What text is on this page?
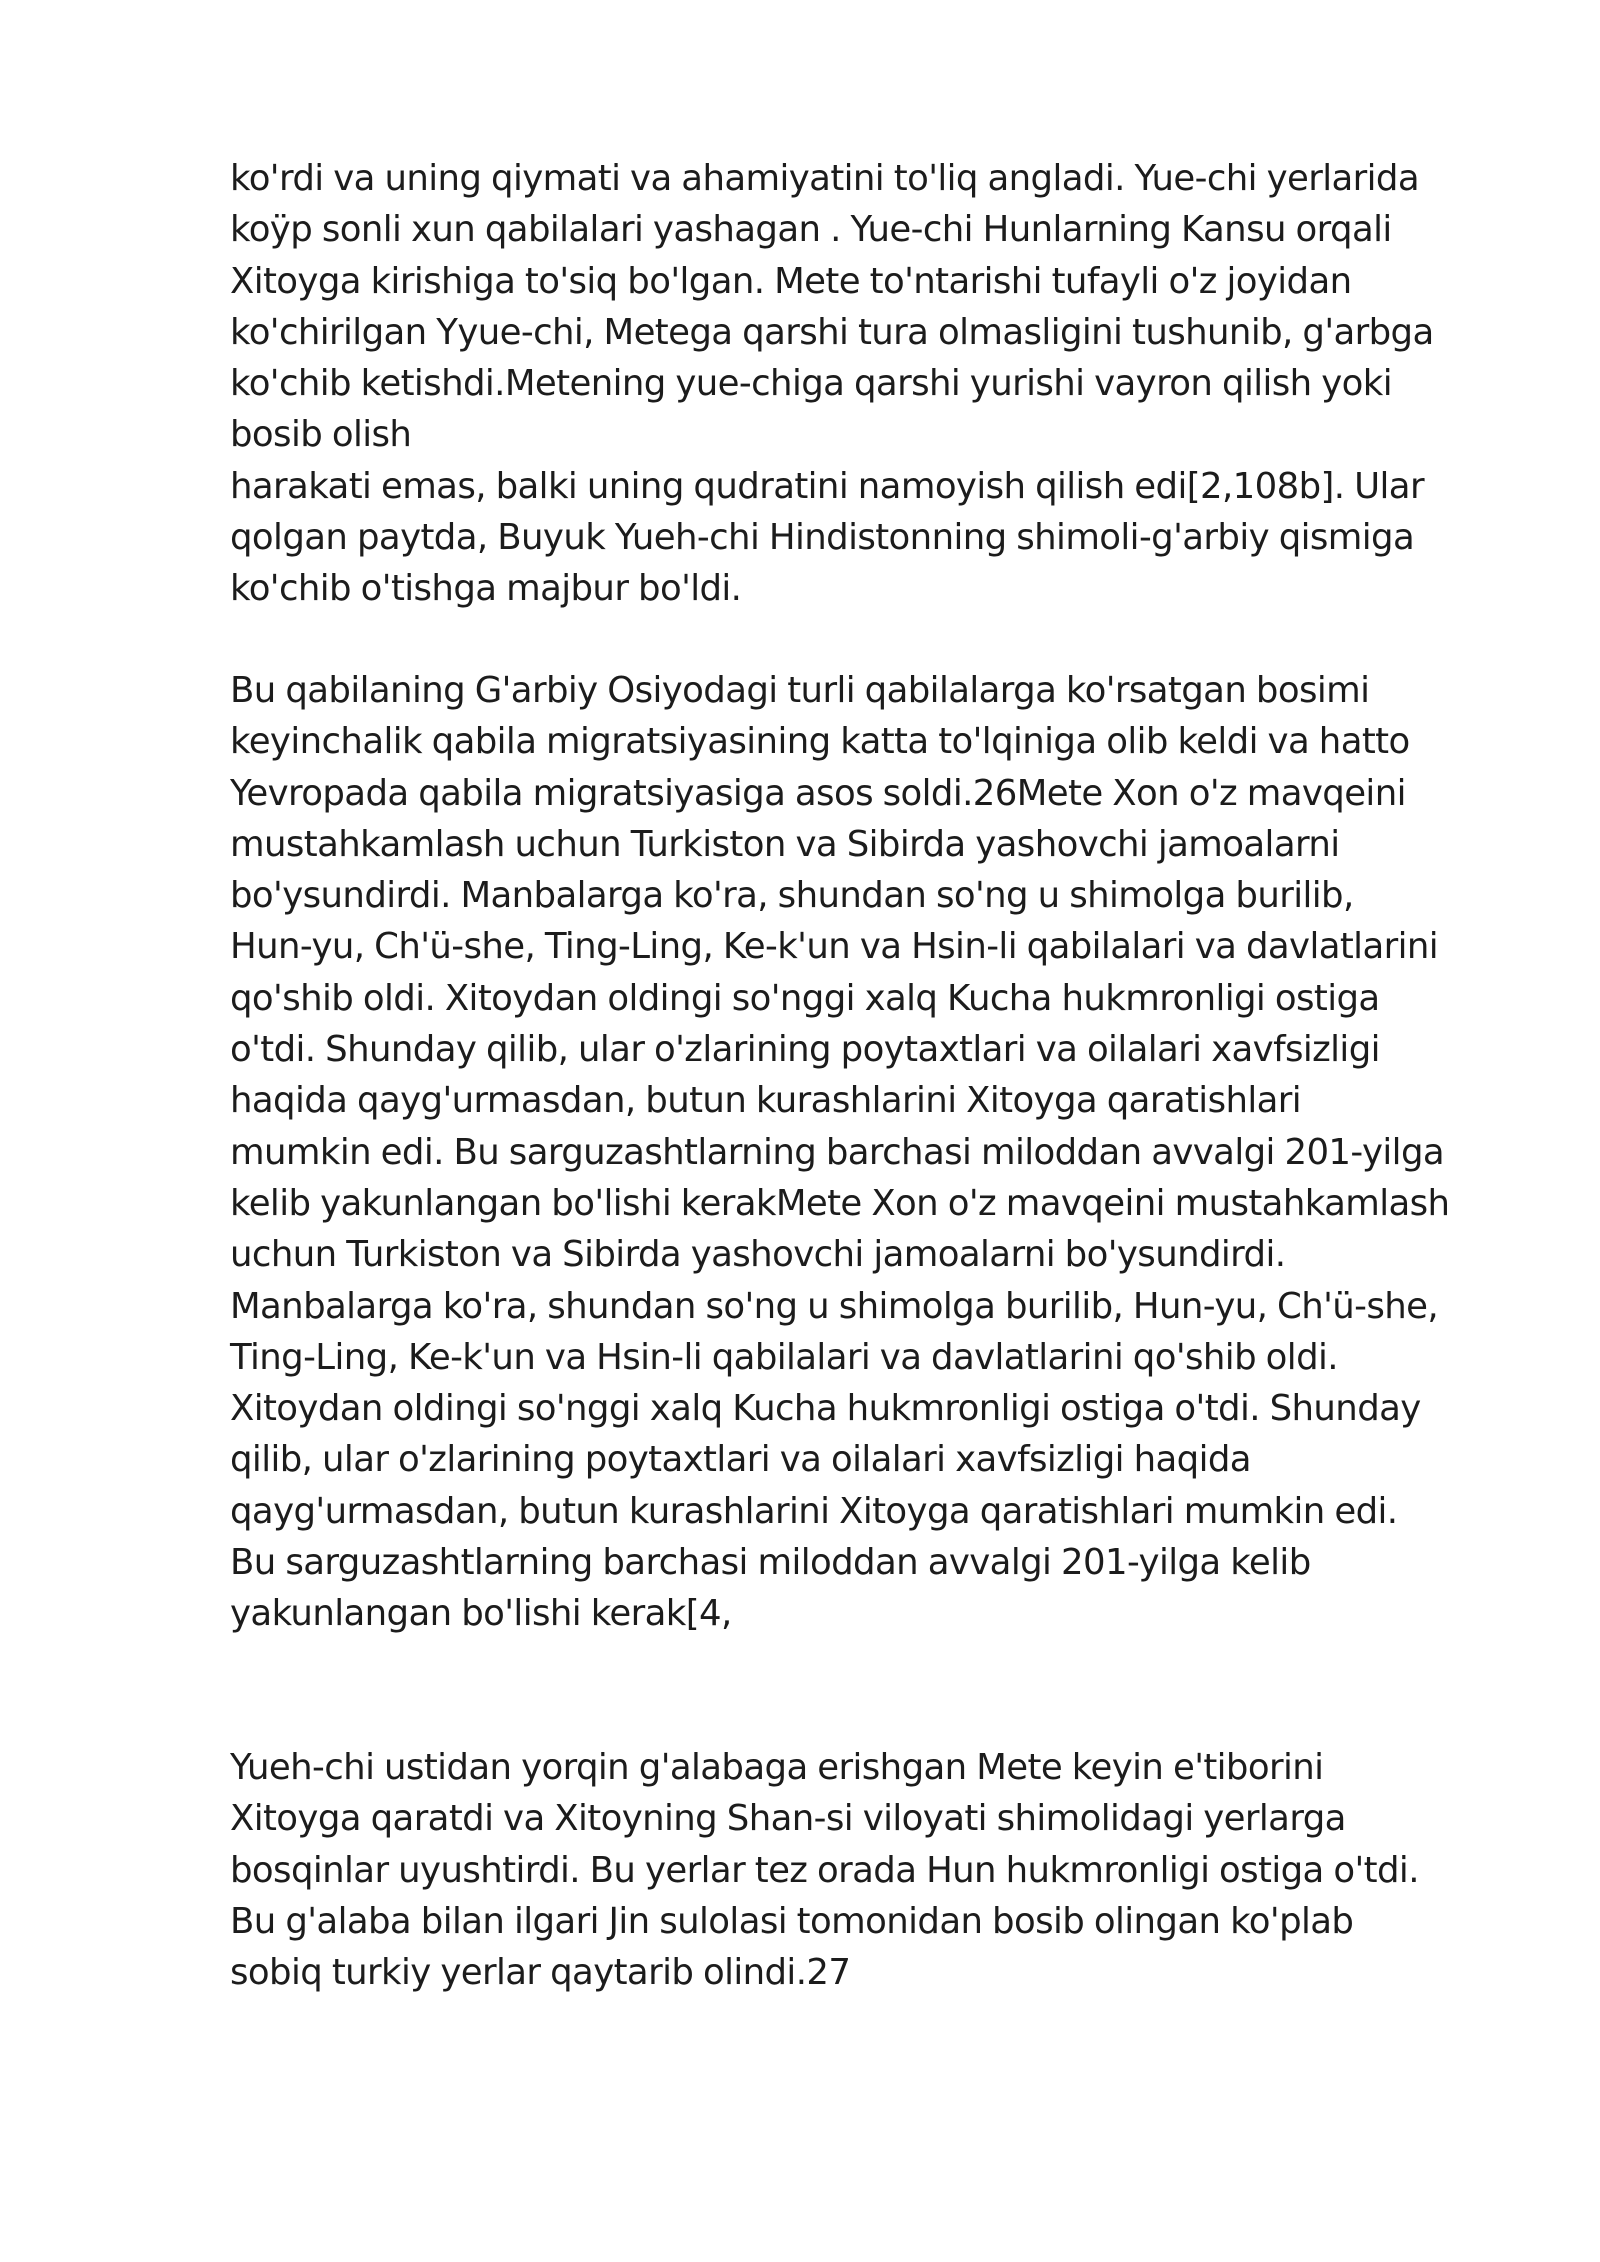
ko'rdi va uning qiymati va ahamiyatini to'liq angladi. Yue-chi yerlarida
koÿp sonli xun qabilalari yashagan . Yue-chi Hunlarning Kansu orqali
Xitoyga kirishiga to'siq bo'lgan. Mete to'ntarishi tufayli o'z joyidan
ko'chirilgan Yyue-chi, Metega qarshi tura olmasligini tushunib, g'arbga
ko'chib ketishdi.Metening yue-chiga qarshi yurishi vayron qilish yoki
bosib olish
harakati emas, balki uning qudratini namoyish qilish edi[2,108b]. Ular
qolgan paytda, Buyuk Yueh-chi Hindistonning shimoli-g'arbiy qismiga
ko'chib o'tishga majbur bo'ldi.
Bu qabilaning G'arbiy Osiyodagi turli qabilalarga ko'rsatgan bosimi
keyinchalik qabila migratsiyasining katta to'lqiniga olib keldi va hatto
Yevropada qabila migratsiyasiga asos soldi.26Mete Xon o'z mavqeini
mustahkamlash uchun Turkiston va Sibirda yashovchi jamoalarni
bo'ysundirdi. Manbalarga ko'ra, shundan so'ng u shimolga burilib,
Hun-yu, Ch'ü-she, Ting-Ling, Ke-k'un va Hsin-li qabilalari va davlatlarini
qo'shib oldi. Xitoydan oldingi so'nggi xalq Kucha hukmronligi ostiga
o'tdi. Shunday qilib, ular o'zlarining poytaxtlari va oilalari xavfsizligi
haqida qayg'urmasdan, butun kurashlarini Xitoyga qaratishlari
mumkin edi. Bu sarguzashtlarning barchasi miloddan avvalgi 201-yilga
kelib yakunlangan bo'lishi kerakMete Xon o'z mavqeini mustahkamlash
uchun Turkiston va Sibirda yashovchi jamoalarni bo'ysundirdi.
Manbalarga ko'ra, shundan so'ng u shimolga burilib, Hun-yu, Ch'ü-she,
Ting-Ling, Ke-k'un va Hsin-li qabilalari va davlatlarini qo'shib oldi.
Xitoydan oldingi so'nggi xalq Kucha hukmronligi ostiga o'tdi. Shunday
qilib, ular o'zlarining poytaxtlari va oilalari xavfsizligi haqida
qayg'urmasdan, butun kurashlarini Xitoyga qaratishlari mumkin edi.
Bu sarguzashtlarning barchasi miloddan avvalgi 201-yilga kelib
yakunlangan bo'lishi kerak[4,
Yueh-chi ustidan yorqin g'alabaga erishgan Mete keyin e'tiborini
Xitoyga qaratdi va Xitoyning Shan-si viloyati shimolidagi yerlarga
bosqinlar uyushtirdi. Bu yerlar tez orada Hun hukmronligi ostiga o'tdi.
Bu g'alaba bilan ilgari Jin sulolasi tomonidan bosib olingan ko'plab
sobiq turkiy yerlar qaytarib olindi.27
